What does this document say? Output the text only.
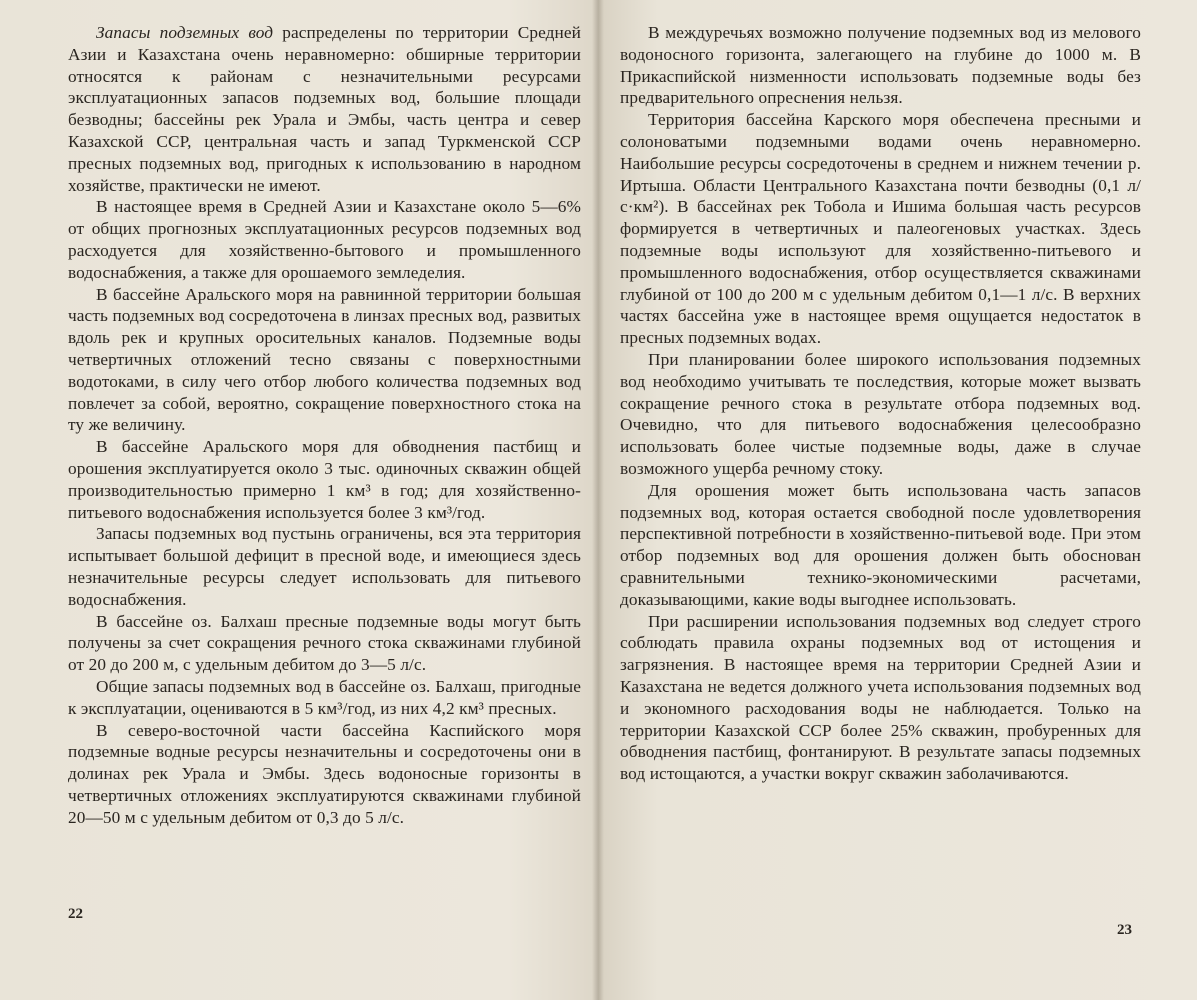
Запасы подземных вод распределены по территории Средней Азии и Казахстана очень неравномерно: обширные территории относятся к районам с незначительными ресурсами эксплуатационных запасов подземных вод, большие площади безводны; бассейны рек Урала и Эмбы, часть центра и север Казахской ССР, центральная часть и запад Туркменской ССР пресных подземных вод, пригодных к использованию в народном хозяйстве, практически не имеют.

В настоящее время в Средней Азии и Казахстане около 5—6% от общих прогнозных эксплуатационных ресурсов подземных вод расходуется для хозяйственно-бытового и промышленного водоснабжения, а также для орошаемого земледелия.

В бассейне Аральского моря на равнинной территории большая часть подземных вод сосредоточена в линзах пресных вод, развитых вдоль рек и крупных оросительных каналов. Подземные воды четвертичных отложений тесно связаны с поверхностными водотоками, в силу чего отбор любого количества подземных вод повлечет за собой, вероятно, сокращение поверхностного стока на ту же величину.

В бассейне Аральского моря для обводнения пастбищ и орошения эксплуатируется около 3 тыс. одиночных скважин общей производительностью примерно 1 км³ в год; для хозяйственно-питьевого водоснабжения используется более 3 км³/год.

Запасы подземных вод пустынь ограничены, вся эта территория испытывает большой дефицит в пресной воде, и имеющиеся здесь незначительные ресурсы следует использовать для питьевого водоснабжения.

В бассейне оз. Балхаш пресные подземные воды могут быть получены за счет сокращения речного стока скважинами глубиной от 20 до 200 м, с удельным дебитом до 3—5 л/с.

Общие запасы подземных вод в бассейне оз. Балхаш, пригодные к эксплуатации, оцениваются в 5 км³/год, из них 4,2 км³ пресных.

В северо-восточной части бассейна Каспийского моря подземные водные ресурсы незначительны и сосредоточены они в долинах рек Урала и Эмбы. Здесь водоносные горизонты в четвертичных отложениях эксплуатируются скважинами глубиной 20—50 м с удельным дебитом от 0,3 до 5 л/с.

22

В междуречьях возможно получение подземных вод из мелового водоносного горизонта, залегающего на глубине до 1000 м. В Прикаспийской низменности использовать подземные воды без предварительного опреснения нельзя.

Территория бассейна Карского моря обеспечена пресными и солоноватыми подземными водами очень неравномерно. Наибольшие ресурсы сосредоточены в среднем и нижнем течении р. Иртыша. Области Центрального Казахстана почти безводны (0,1 л/с·км²). В бассейнах рек Тобола и Ишима большая часть ресурсов формируется в четвертичных и палеогеновых участках. Здесь подземные воды используют для хозяйственно-питьевого и промышленного водоснабжения, отбор осуществляется скважинами глубиной от 100 до 200 м с удельным дебитом 0,1—1 л/с. В верхних частях бассейна уже в настоящее время ощущается недостаток в пресных подземных водах.

При планировании более широкого использования подземных вод необходимо учитывать те последствия, которые может вызвать сокращение речного стока в результате отбора подземных вод. Очевидно, что для питьевого водоснабжения целесообразно использовать более чистые подземные воды, даже в случае возможного ущерба речному стоку.

Для орошения может быть использована часть запасов подземных вод, которая остается свободной после удовлетворения перспективной потребности в хозяйственно-питьевой воде. При этом отбор подземных вод для орошения должен быть обоснован сравнительными технико-экономическими расчетами, доказывающими, какие воды выгоднее использовать.

При расширении использования подземных вод следует строго соблюдать правила охраны подземных вод от истощения и загрязнения. В настоящее время на территории Средней Азии и Казахстана не ведется должного учета использования подземных вод и экономного расходования воды не наблюдается. Только на территории Казахской ССР более 25% скважин, пробуренных для обводнения пастбищ, фонтанируют. В результате запасы подземных вод истощаются, а участки вокруг скважин заболачиваются.

23
